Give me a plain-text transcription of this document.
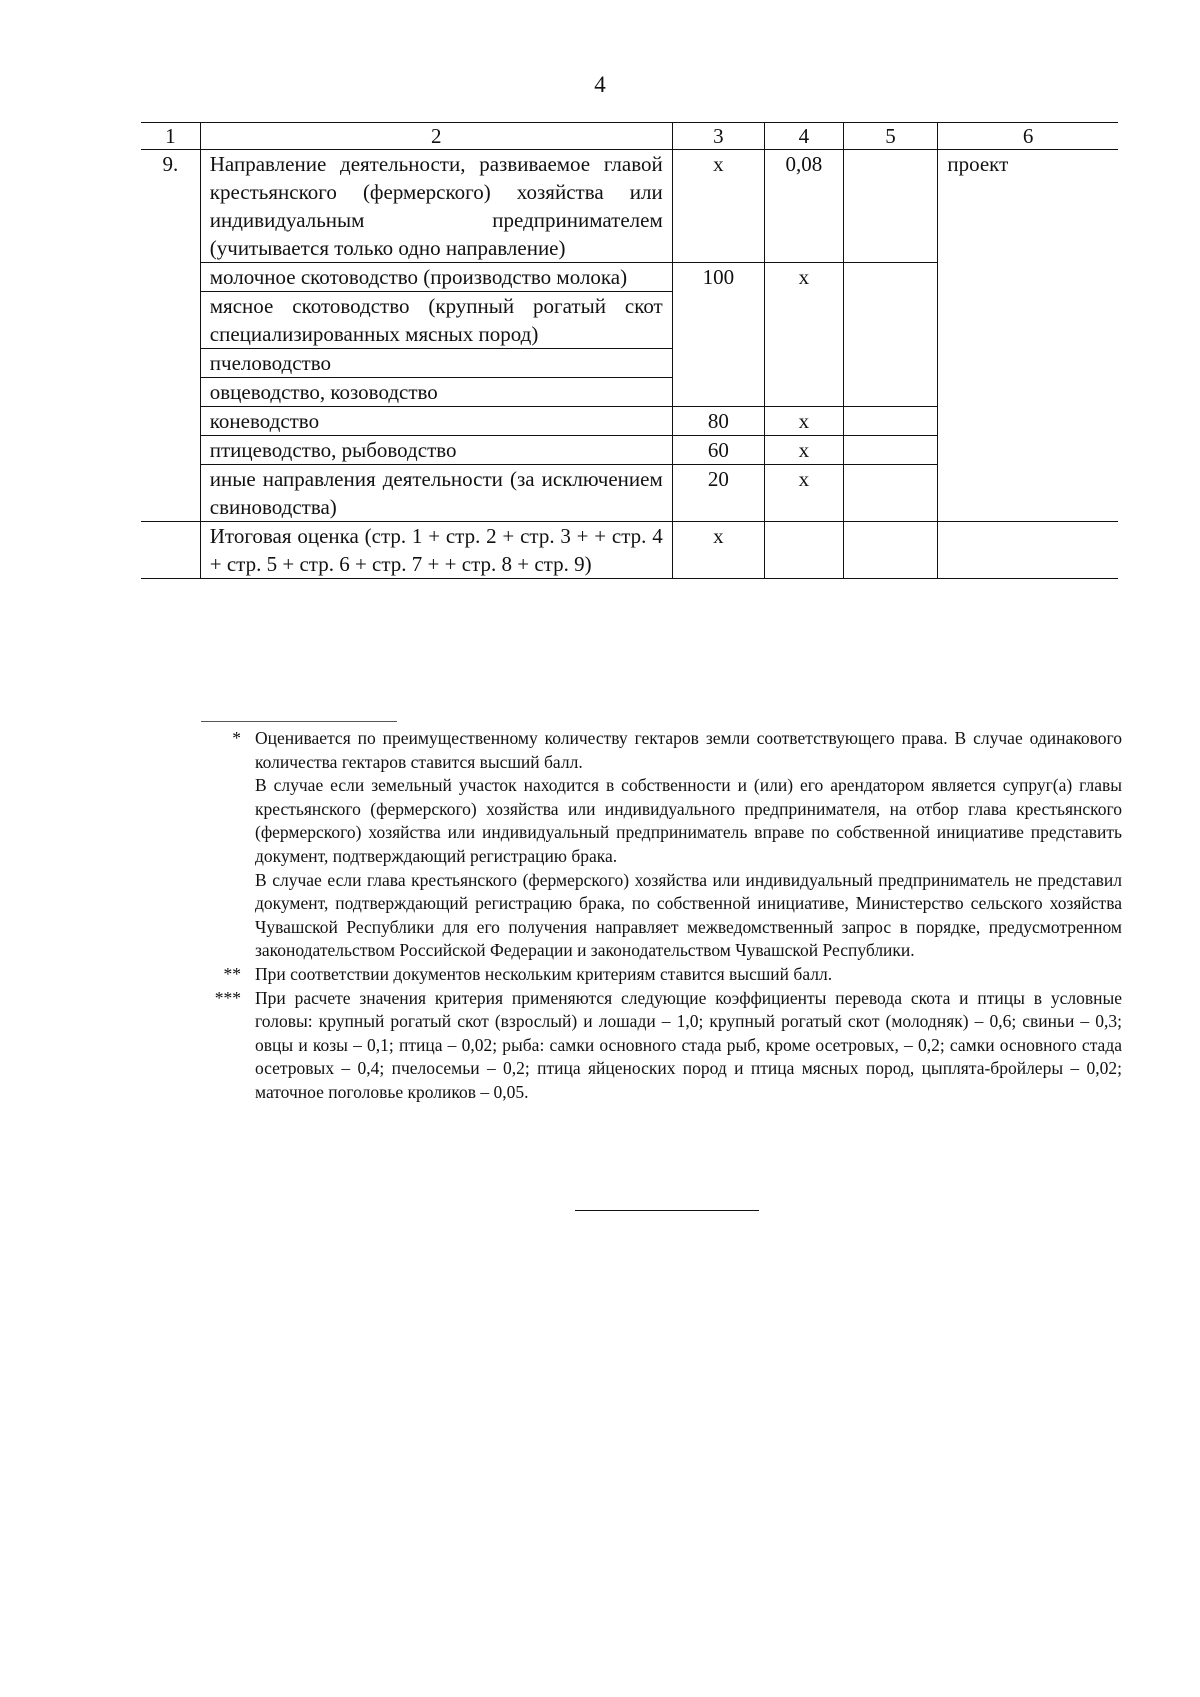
4
1	2	3	4	5	6
9.	Направление деятельности, развиваемое главой крестьянского (фермерского) хозяйства или индивидуальным предпринимателем (учитывается только одно направление)	х	0,08		проект
	молочное скотоводство (производство молока)	100	х		
	мясное скотоводство (крупный рогатый скот специализированных мясных пород)				
	пчеловодство				
	овцеводство, козоводство				
	коневодство	80	х		
	птицеводство, рыбоводство	60	х		
	иные направления деятельности (за исключением свиноводства)	20	х		
	Итоговая оценка (стр. 1 + стр. 2 + стр. 3 + + стр. 4 + стр. 5 + стр. 6 + стр. 7 + + стр. 8 + стр. 9)	х			
* Оценивается по преимущественному количеству гектаров земли соответствующего права. В случае одинакового количества гектаров ставится высший балл.

В случае если земельный участок находится в собственности и (или) его арендатором является супруг(а) главы крестьянского (фермерского) хозяйства или индивидуального предпринимателя, на отбор глава крестьянского (фермерского) хозяйства или индивидуальный предприниматель вправе по собственной инициативе представить документ, подтверждающий регистрацию брака.

В случае если глава крестьянского (фермерского) хозяйства или индивидуальный предприниматель не представил документ, подтверждающий регистрацию брака, по собственной инициативе, Министерство сельского хозяйства Чувашской Республики для его получения направляет межведомственный запрос в порядке, предусмотренном законодательством Российской Федерации и законодательством Чувашской Республики.

** При соответствии документов нескольким критериям ставится высший балл.

*** При расчете значения критерия применяются следующие коэффициенты перевода скота и птицы в условные головы: крупный рогатый скот (взрослый) и лошади – 1,0; крупный рогатый скот (молодняк) – 0,6; свиньи – 0,3; овцы и козы – 0,1; птица – 0,02; рыба: самки основного стада рыб, кроме осетровых, – 0,2; самки основного стада осетровых – 0,4; пчелосемьи – 0,2; птица яйценоских пород и птица мясных пород, цыплята-бройлеры – 0,02; маточное поголовье кроликов – 0,05.
